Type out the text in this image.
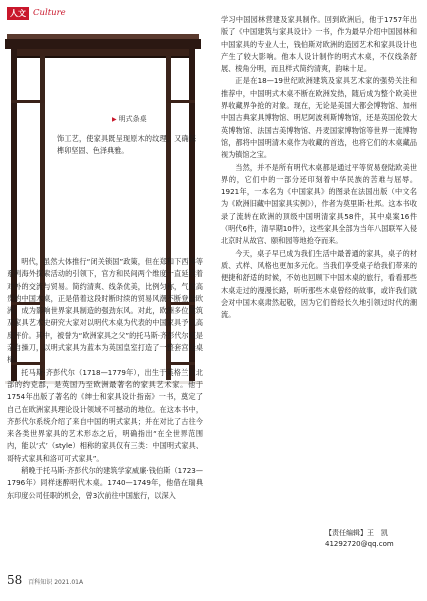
人文 Culture
▶ 明式条桌

饰工艺，使家具既呈现原木的纹理，又确保榫卯坚固、色泽典雅。

明代，虽然大体推行“闭关锁国”政策，但在郑和下西洋等系列海外探索活动的引领下，官方和民间两个维度一直延续着对外的交流与贸易。简约清爽、线条优美，比例匀称，气质高贵的中国木桌，正是借着这段时断时续的贸易风潮不断登陆欧洲，成为影响世界家具制造的强劲东风。对此，欧洲多位建筑及家具艺术史研究大家对以明代木桌为代表的中国家具予以高度评价。其中，被誉为“欧洲家具之父”的托马斯·齐彭代尔更是亲自操刀，以明式家具为蓝本为英国皇室打造了一整套宫廷桌椅。

托马斯·齐彭代尔（1718—1779年），出生于英格兰东北部的约克郡，是英国乃至欧洲最著名的家具艺术家。他于1754年出版了著名的《绅士和家具设计指南》一书，奠定了自己在欧洲家具理论设计领域不可撼动的地位。在这本书中，齐彭代尔系统介绍了来自中国的明式家具；并在对比了古往今来各类世界家具的艺术形态之后，明确指出“在全世界范围内，能以‘式’（style）相称的家具仅有三类：中国明式家具、哥特式家具和洛可可式家具”。

稍晚于托马斯·齐彭代尔的建筑学家威廉·钱伯斯（1723—1796年）同样迷醉明代木桌。1740—1749年，他借在瑞典东印度公司任职的机会，曾3次前往中国旅行，以深入

学习中国园林营建及家具制作。回到欧洲后，他于1757年出版了《中国建筑与家具设计》一书，作为最早介绍中国园林和中国家具的专业人士，钱伯斯对欧洲的造园艺术和家具设计也产生了较大影响。他本人设计制作的明式木桌，不仅线条舒展、棱角分明，而且样式简约清爽，韵味十足。

正是在18—19世纪欧洲建筑及家具艺术家的强势关注和推荐中，中国明式木桌不断在欧洲发热，随后成为整个欧美世界收藏界争抢的对象。现在，无论是美国大都会博物馆、加州中国古典家具博物馆、明尼阿波利斯博物馆，还是英国伦敦大英博物馆、法国吉美博物馆、丹麦国家博物馆等世界一流博物馆，都将中国明清木桌作为收藏的首选，也将它们的木桌藏品视为镇馆之宝。

当然，并不是所有明代木桌都是通过平等贸易登陆欧美世界的，它们中的一部分还印刻着中华民族的苦难与屈辱。1921年，一本名为《中国家具》的图录在法国出版（中文名为《欧洲旧藏中国家具实例》），作者为莫里斯·杜邦。这本书收录了流转在欧洲的顶级中国明清家具58件，其中桌案16件（明代6件，清早期10件），这些家具全部为当年八国联军入侵北京时从故宫、颐和园等地抢夺而来。

今天，桌子早已成为我们生活中最普通的家具，桌子的材质、式样、风格也更加多元化。当我们享受桌子给我们带来的便捷和舒适的时候，不妨也回顾下中国木桌的旅行，看看那些木桌走过的漫漫长路，听听那些木桌曾经的故事，或许我们就会对中国木桌肃然起敬，因为它们曾经长久地引领过时代的潮流。

【责任编辑】王　凯
41292720@qq.com
58 百科知识 2021.01A
